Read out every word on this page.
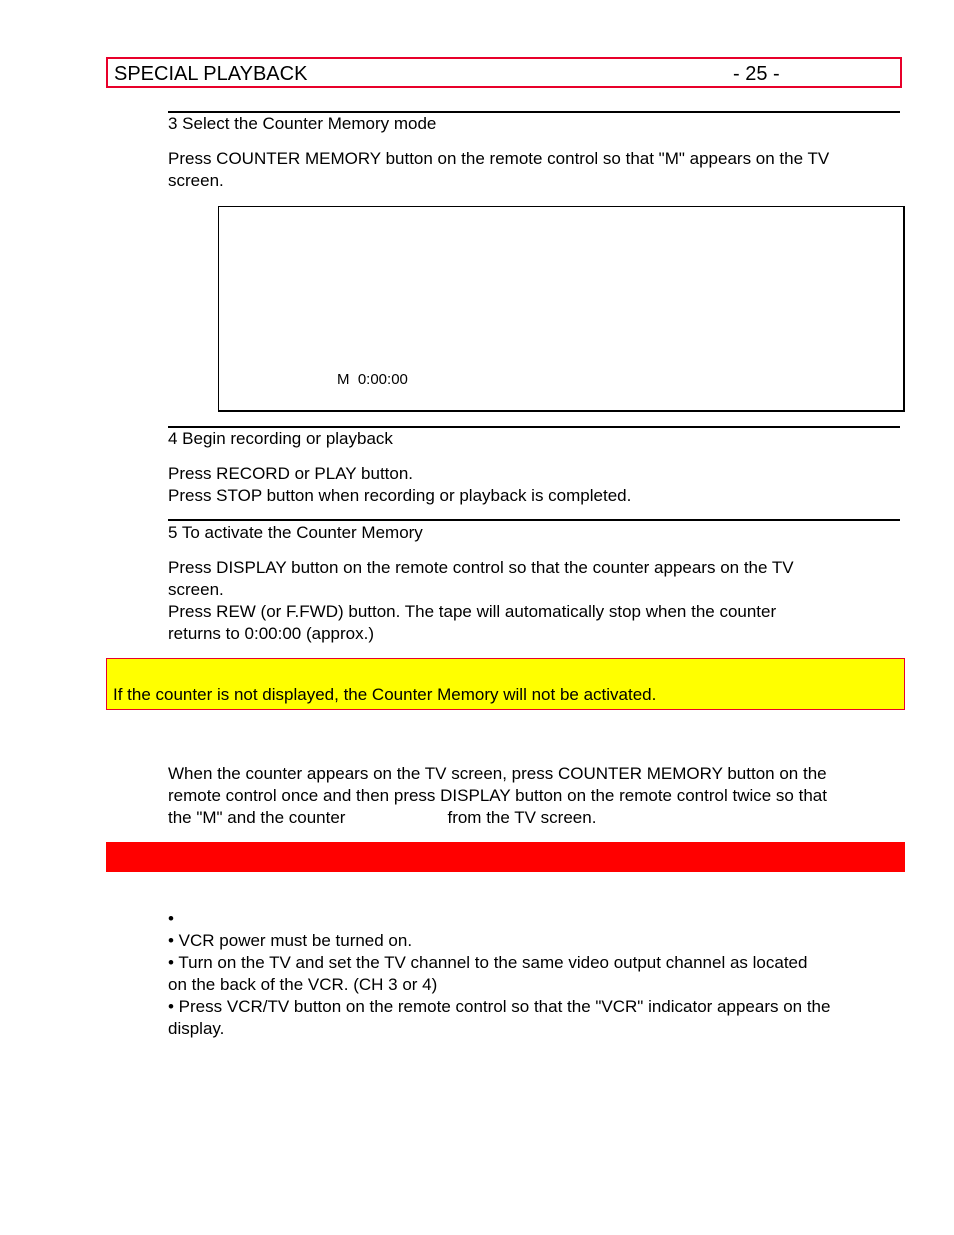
SPECIAL PLAYBACK	- 25 -
3 Select the Counter Memory mode
Press COUNTER MEMORY button on the remote control so that "M" appears on the TV
screen.
M  0:00:00
4 Begin recording or playback
Press RECORD or PLAY button.
Press STOP button when recording or playback is completed.
5 To activate the Counter Memory
Press DISPLAY button on the remote control so that the counter appears on the TV
screen.
Press REW (or F.FWD) button. The tape will automatically stop when the counter
returns to 0:00:00 (approx.)
If the counter is not displayed, the Counter Memory will not be activated.
When the counter appears on the TV screen, press COUNTER MEMORY button on the
remote control once and then press DISPLAY button on the remote control twice so that
the "M" and the counter	from the TV screen.
•
• VCR power must be turned on.
• Turn on the TV and set the TV channel to the same video output channel as located
on the back of the VCR. (CH 3 or 4)
• Press VCR/TV button on the remote control so that the "VCR" indicator appears on the
display.
